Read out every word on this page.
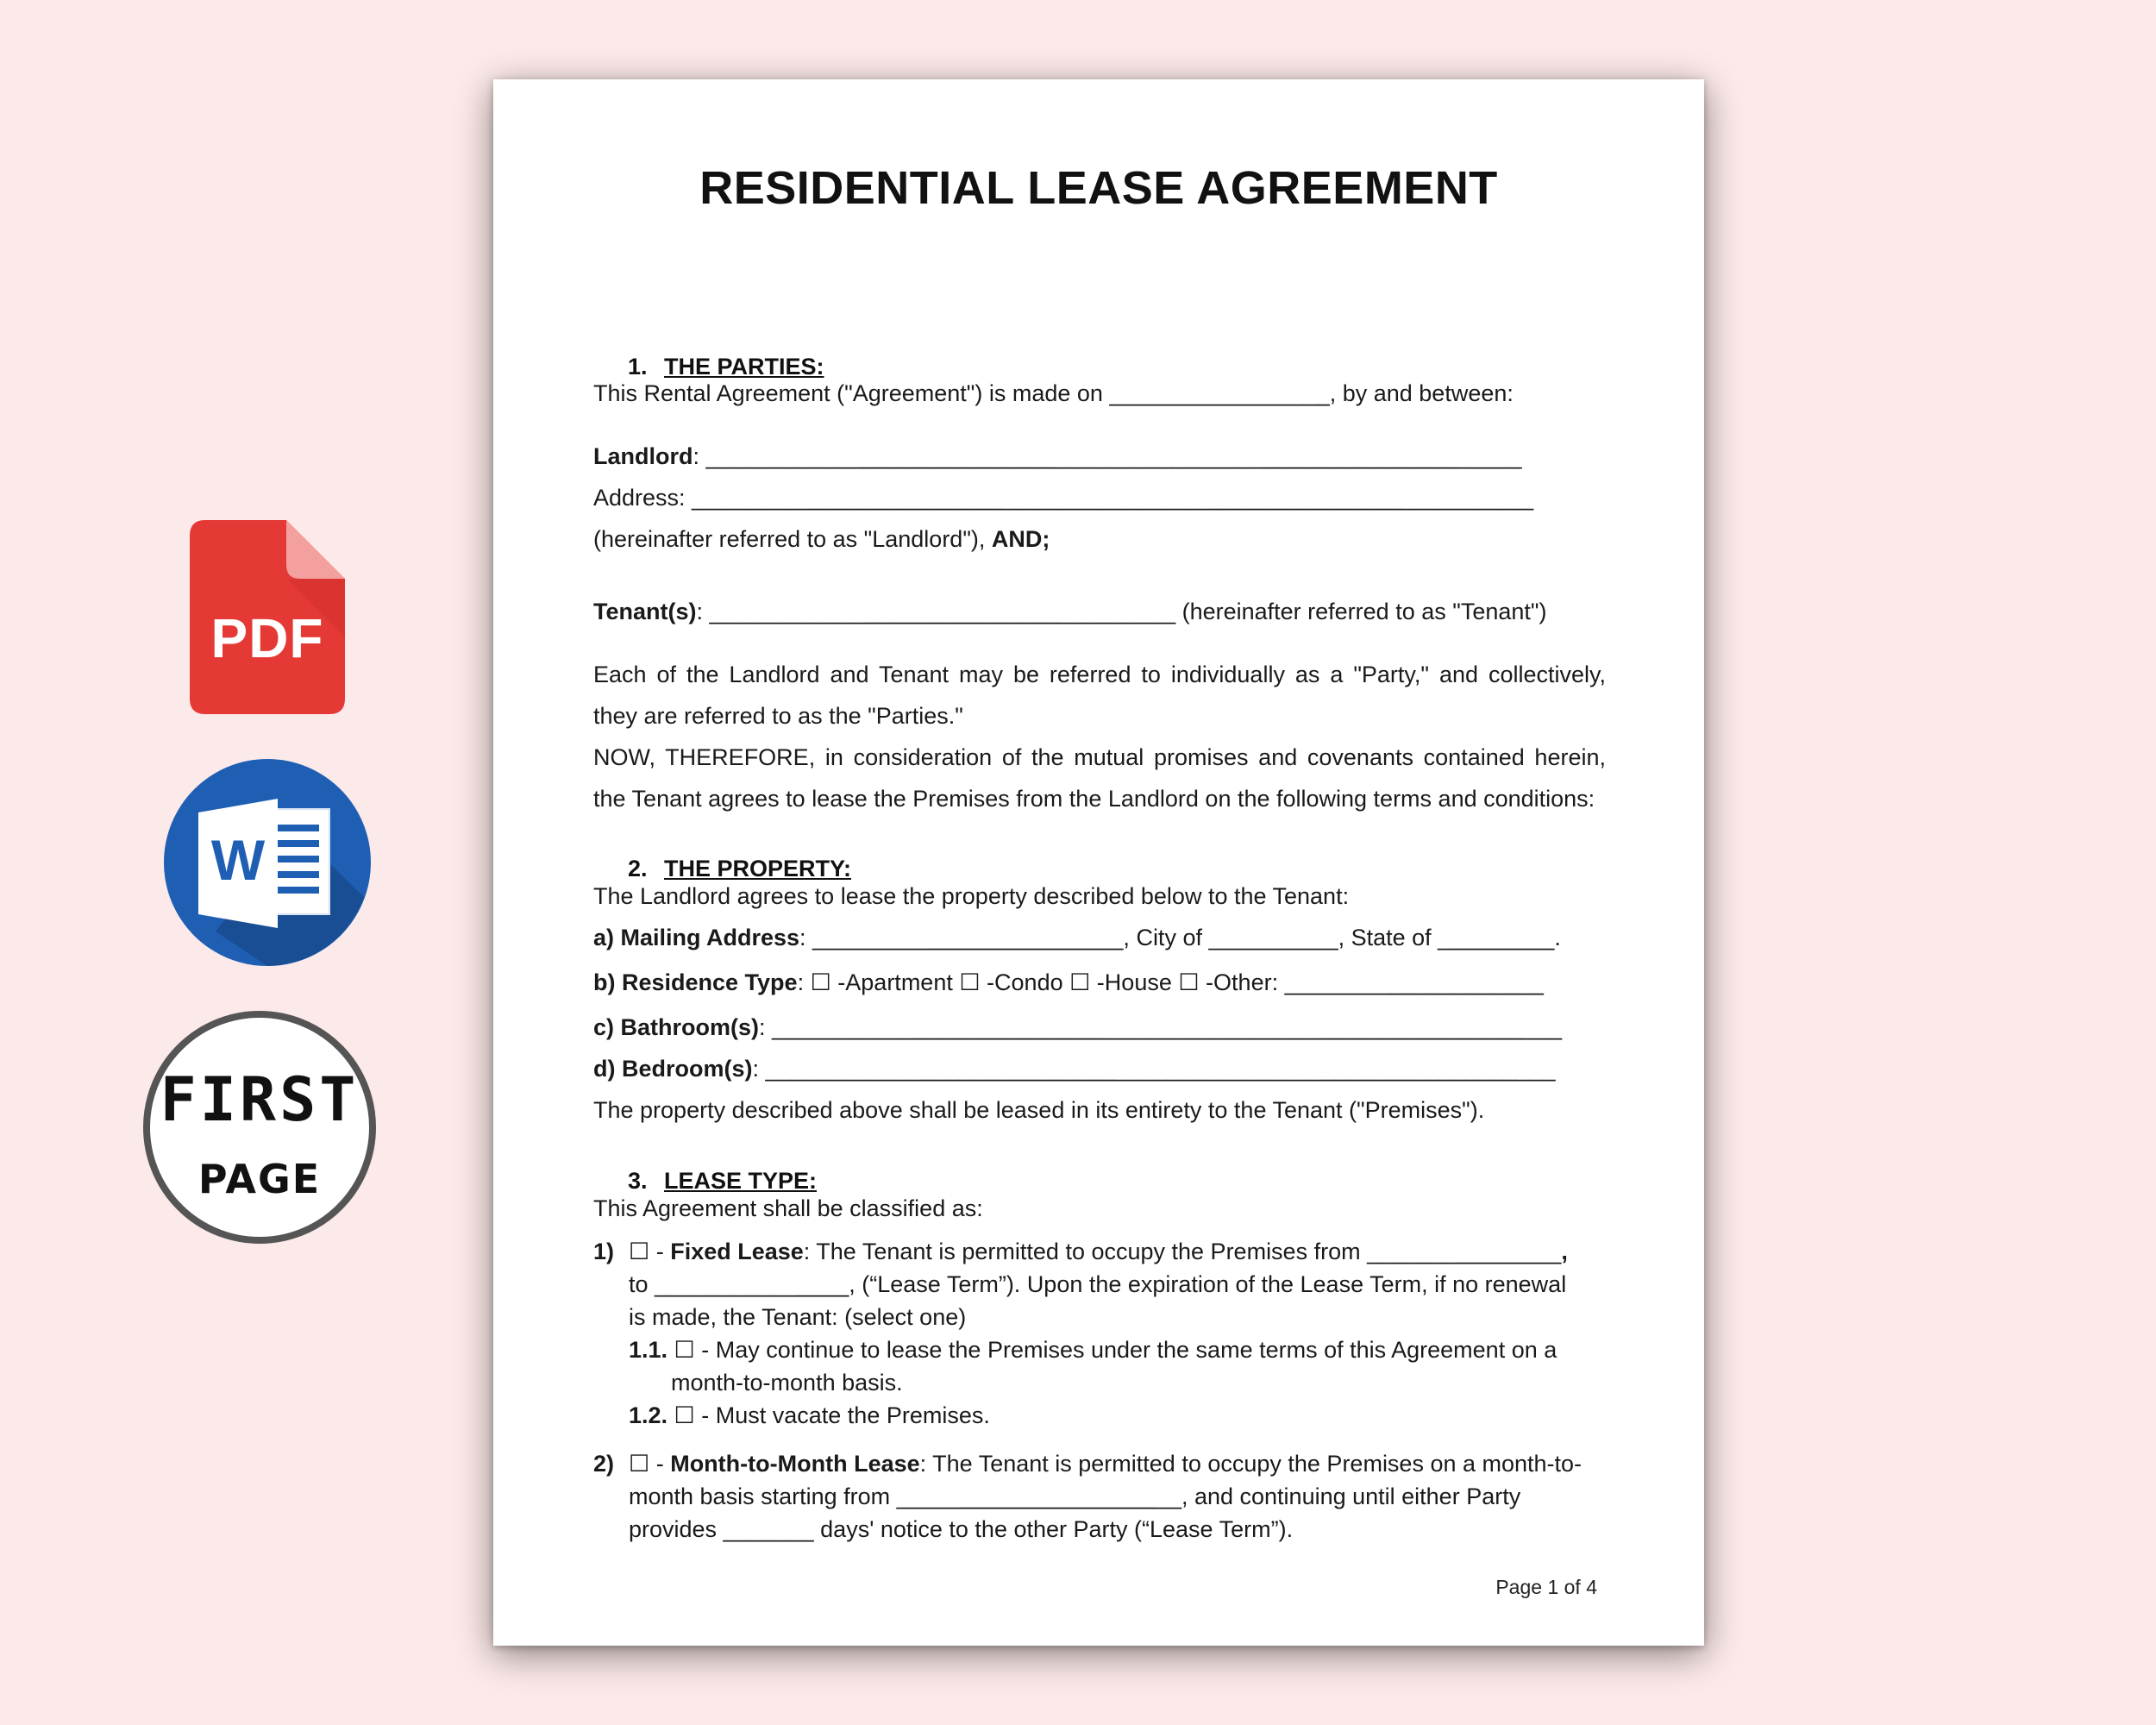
PDF
W
FIRST
PAGE
RESIDENTIAL LEASE AGREEMENT
1. THE PARTIES:
This Rental Agreement ("Agreement") is made on _________________, by and between:
Landlord: _______________________________________________________________
Address: _________________________________________________________________
(hereinafter referred to as "Landlord"), AND;
Tenant(s): ____________________________________ (hereinafter referred to as "Tenant")
Each of the Landlord and Tenant may be referred to individually as a "Party," and collectively,
they are referred to as the "Parties."
NOW, THEREFORE, in consideration of the mutual promises and covenants contained herein,
the Tenant agrees to lease the Premises from the Landlord on the following terms and conditions:
2. THE PROPERTY:
The Landlord agrees to lease the property described below to the Tenant:
a) Mailing Address: ________________________, City of __________, State of _________.
b) Residence Type: ☐ -Apartment ☐ -Condo ☐ -House ☐ -Other: ____________________
c) Bathroom(s): _____________________________________________________________
d) Bedroom(s): _____________________________________________________________
The property described above shall be leased in its entirety to the Tenant ("Premises").
3. LEASE TYPE:
This Agreement shall be classified as:
1) ☐ - Fixed Lease: The Tenant is permitted to occupy the Premises from _______________,
to _______________, (“Lease Term”). Upon the expiration of the Lease Term, if no renewal
is made, the Tenant: (select one)
1.1. ☐ - May continue to lease the Premises under the same terms of this Agreement on a
month-to-month basis.
1.2. ☐ - Must vacate the Premises.
2) ☐ - Month-to-Month Lease: The Tenant is permitted to occupy the Premises on a month-to-
month basis starting from ______________________, and continuing until either Party
provides _______ days' notice to the other Party (“Lease Term”).
Page 1 of 4
